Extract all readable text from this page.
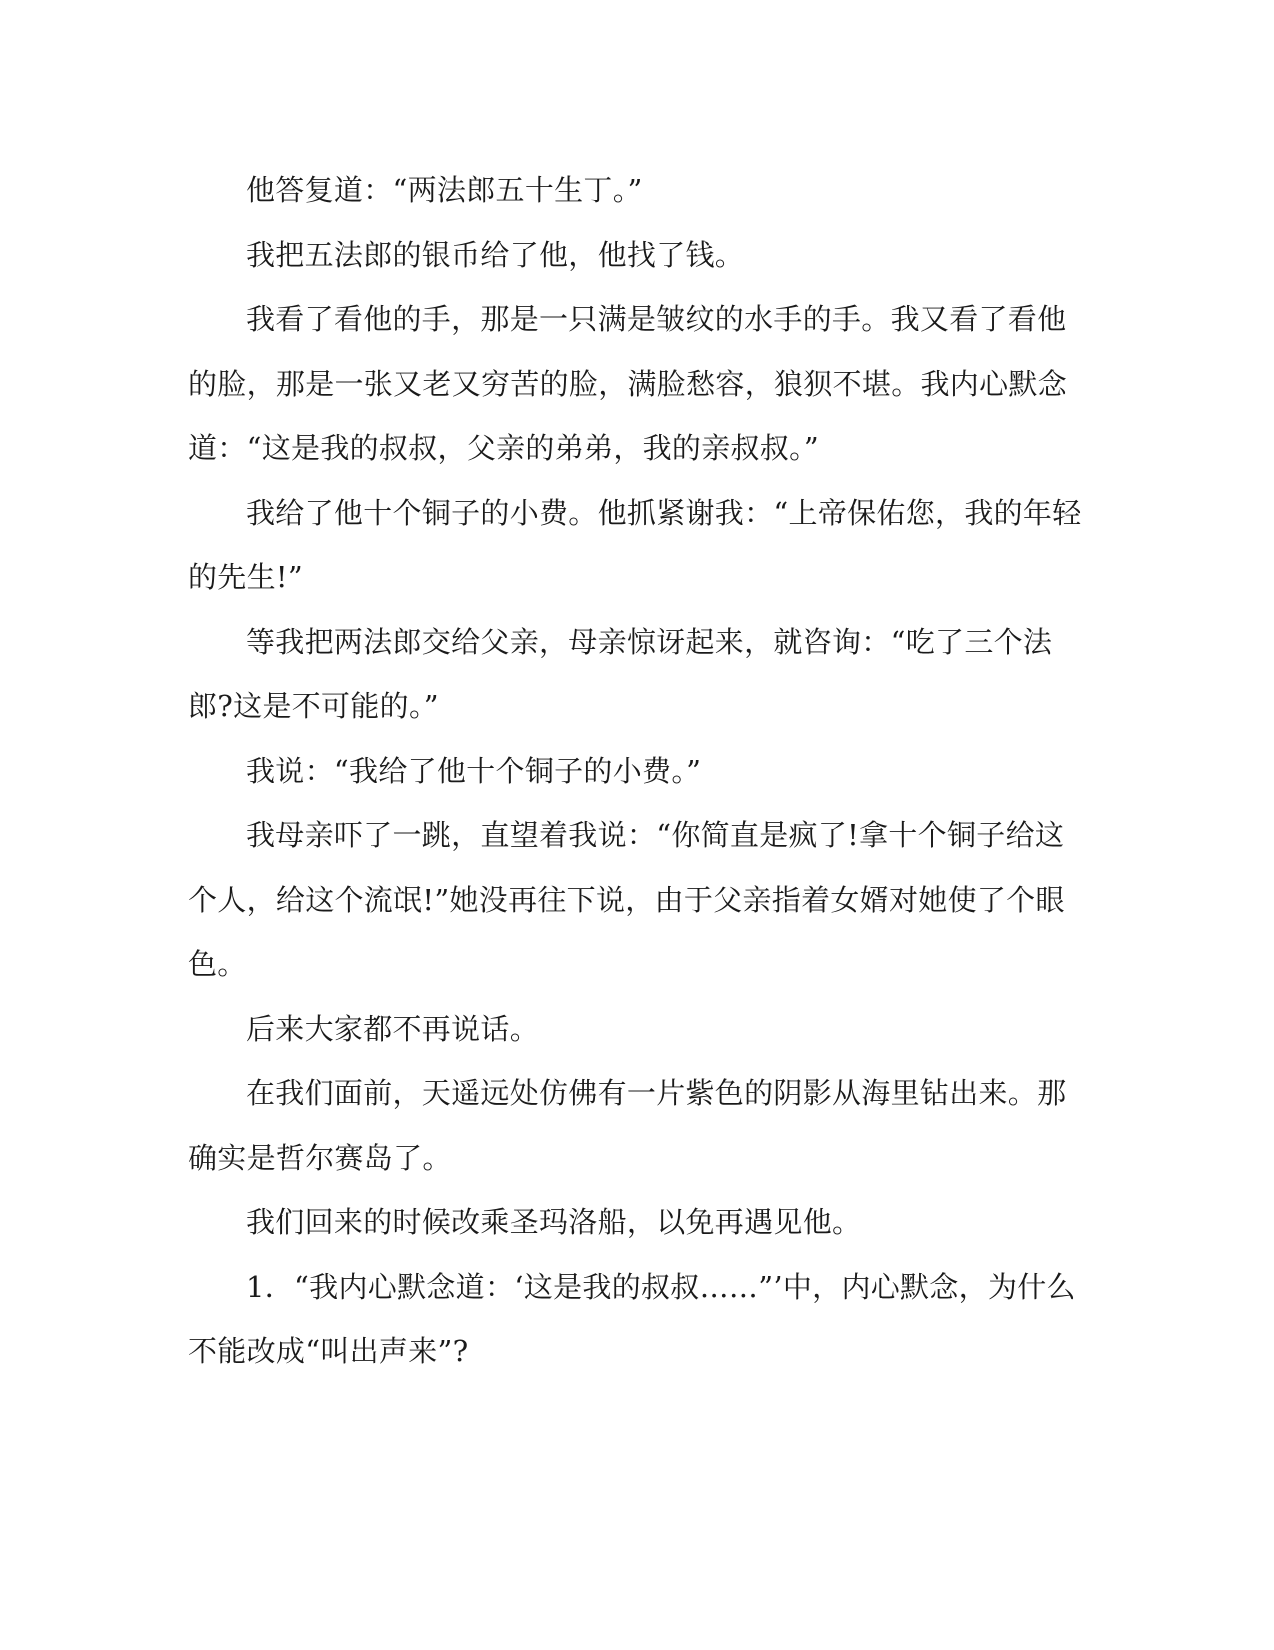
他答复道：“两法郎五十生丁。”

我把五法郎的银币给了他，他找了钱。

我看了看他的手，那是一只满是皱纹的水手的手。我又看了看他的脸，那是一张又老又穷苦的脸，满脸愁容，狼狈不堪。我内心默念道：“这是我的叔叔，父亲的弟弟，我的亲叔叔。”

我给了他十个铜子的小费。他抓紧谢我：“上帝保佑您，我的年轻的先生!”

等我把两法郎交给父亲，母亲惊讶起来，就咨询：“吃了三个法郎?这是不可能的。”

我说：“我给了他十个铜子的小费。”

我母亲吓了一跳，直望着我说：“你简直是疯了!拿十个铜子给这个人，给这个流氓!”她没再往下说，由于父亲指着女婿对她使了个眼色。

后来大家都不再说话。

在我们面前，天遥远处仿佛有一片紫色的阴影从海里钻出来。那确实是哲尔赛岛了。

我们回来的时候改乘圣玛洛船，以免再遇见他。

1．“我内心默念道：‘这是我的叔叔……”’中，内心默念，为什么不能改成“叫出声来”?
